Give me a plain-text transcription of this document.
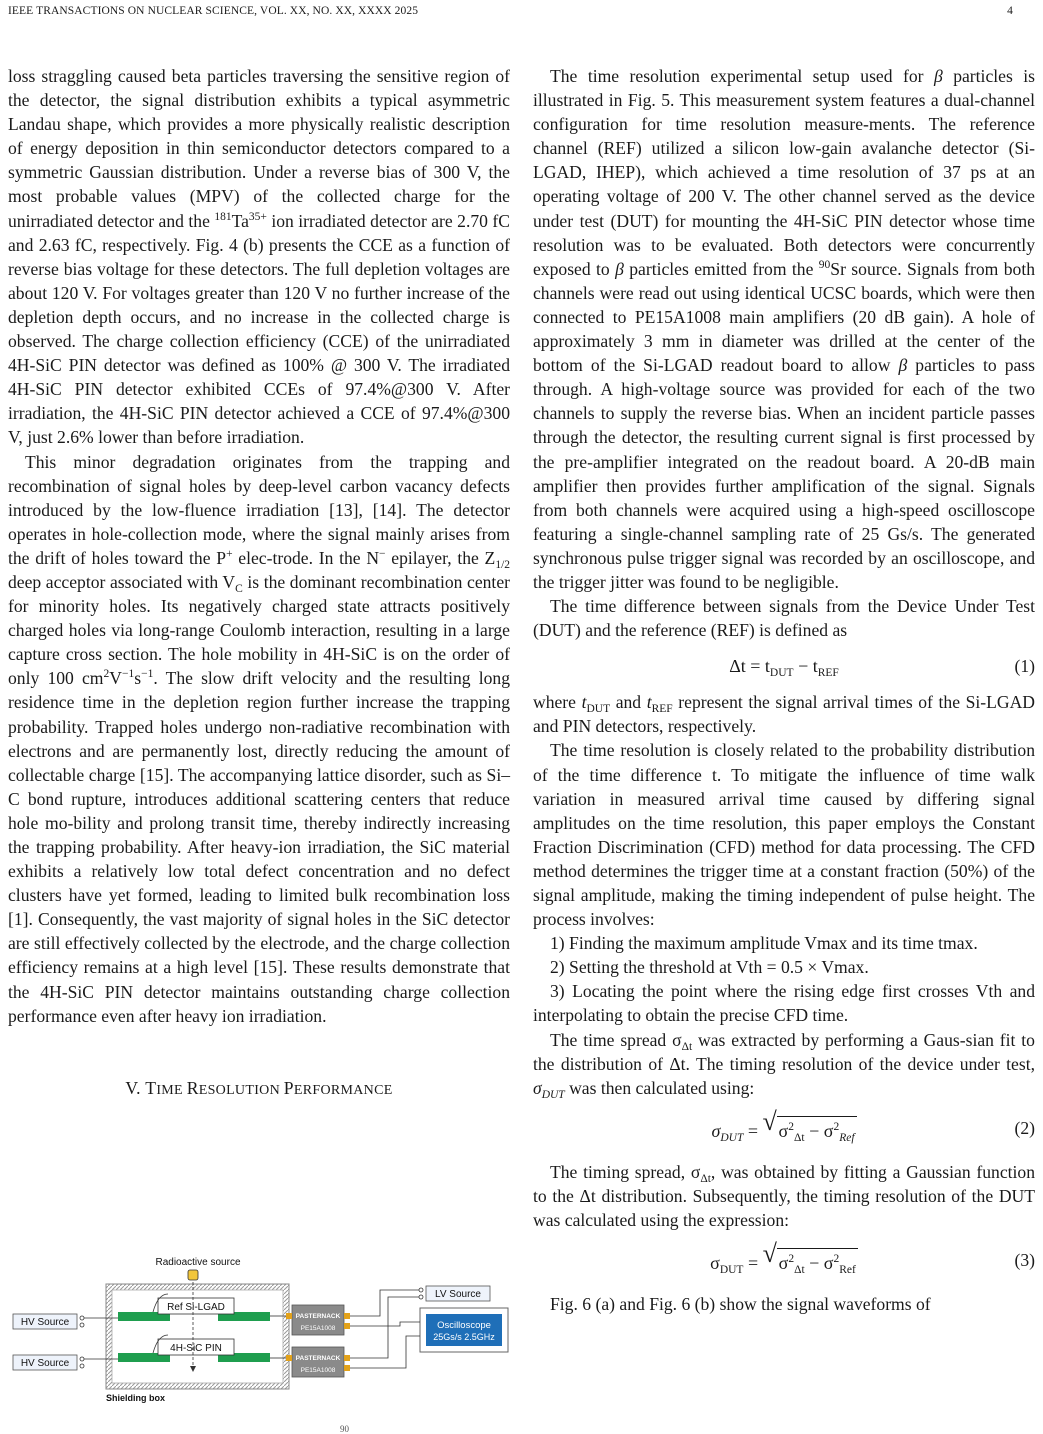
IEEE TRANSACTIONS ON NUCLEAR SCIENCE, VOL. XX, NO. XX, XXXX 2025	4

loss straggling caused beta particles traversing the sensitive region of the detector, the signal distribution exhibits a typical asymmetric Landau shape, which provides a more physically realistic description of energy deposition in thin semiconductor detectors compared to a symmetric Gaussian distribution. Under a reverse bias of 300 V, the most probable values (MPV) of the collected charge for the unirradiated detector and the $^{181}Ta^{35+}$ ion irradiated detector are 2.70 fC and 2.63 fC, respectively. Fig. 4 (b) presents the CCE as a function of reverse bias voltage for these detectors. The full depletion voltages are about 120 V. For voltages greater than 120 V no further increase of the depletion depth occurs, and no increase in the collected charge is observed. The charge collection efficiency (CCE) of the unirradiated 4H-SiC PIN detector was defined as 100% @ 300 V. The irradiated 4H-SiC PIN detector exhibited CCEs of 97.4%@300 V. After irradiation, the 4H-SiC PIN detector achieved a CCE of 97.4%@300 V, just 2.6% lower than before irradiation.

This minor degradation originates from the trapping and recombination of signal holes by deep-level carbon vacancy defects introduced by the low-fluence irradiation [13], [14]. The detector operates in hole-collection mode, where the signal mainly arises from the drift of holes toward the P+ elec-trode. In the N− epilayer, the $Z_{1/2}$ deep acceptor associated with $V_C$ is the dominant recombination center for minority holes. Its negatively charged state attracts positively charged holes via long-range Coulomb interaction, resulting in a large capture cross section. The hole mobility in 4H-SiC is on the order of only 100 $cm^2V^{-1}s^{-1}$. The slow drift velocity and the resulting long residence time in the depletion region further increase the trapping probability. Trapped holes undergo non-radiative recombination with electrons and are permanently lost, directly reducing the amount of collectable charge [15]. The accompanying lattice disorder, such as Si–C bond rupture, introduces additional scattering centers that reduce hole mo-bility and prolong transit time, thereby indirectly increasing the trapping probability. After heavy-ion irradiation, the SiC material exhibits a relatively low total defect concentration and no defect clusters have yet formed, leading to limited bulk recombination loss [1]. Consequently, the vast majority of signal holes in the SiC detector are still effectively collected by the electrode, and the charge collection efficiency remains at a high level [15]. These results demonstrate that the 4H-SiC PIN detector maintains outstanding charge collection performance even after heavy ion irradiation.

V. TIME RESOLUTION PERFORMANCE
Radioactive source
Shielding box
HV Source
HV Source
Ref Si-LGAD
4H-SiC PIN
PASTERNACK
PE15A1008
PASTERNACK
PE15A1008
LV Source
Oscilloscope
25Gs/s 2.5GHz

The time resolution experimental setup used for β particles is illustrated in Fig. 5. This measurement system features a dual-channel configuration for time resolution measure-ments. The reference channel (REF) utilized a silicon low-gain avalanche detector (Si-LGAD, IHEP), which achieved a time resolution of 37 ps at an operating voltage of 200 V. The other channel served as the device under test (DUT) for mounting the 4H-SiC PIN detector whose time resolution was to be evaluated. Both detectors were concurrently exposed to β particles emitted from the $^{90}$Sr source. Signals from both channels were read out using identical UCSC boards, which were then connected to PE15A1008 main amplifiers (20 dB gain). A hole of approximately 3 mm in diameter was drilled at the center of the bottom of the Si-LGAD readout board to allow β particles to pass through. A high-voltage source was provided for each of the two channels to supply the reverse bias. When an incident particle passes through the detector, the resulting current signal is first processed by the pre-amplifier integrated on the readout board. A 20-dB main amplifier then provides further amplification of the signal. Signals from both channels were acquired using a high-speed oscilloscope featuring a single-channel sampling rate of 25 Gs/s. The generated synchronous pulse trigger signal was recorded by an oscilloscope, and the trigger jitter was found to be negligible.

The time difference between signals from the Device Under Test (DUT) and the reference (REF) is defined as

$\Delta t = t_{DUT} - t_{REF}$	(1)

where $t_{DUT}$ and $t_{REF}$ represent the signal arrival times of the Si-LGAD and PIN detectors, respectively.

The time resolution is closely related to the probability distribution of the time difference t. To mitigate the influence of time walk variation in measured arrival time caused by differing signal amplitudes on the time resolution, this paper employs the Constant Fraction Discrimination (CFD) method for data processing. The CFD method determines the trigger time at a constant fraction (50%) of the signal amplitude, making the timing independent of pulse height. The process involves:

1) Finding the maximum amplitude Vmax and its time tmax.

2) Setting the threshold at Vth = 0.5 × Vmax.

3) Locating the point where the rising edge first crosses Vth and interpolating to obtain the precise CFD time.

The time spread $\sigma_{\Delta t}$ was extracted by performing a Gaus-sian fit to the distribution of Δt. The timing resolution of the device under test, $\sigma_{DUT}$ was then calculated using:

$\sigma_{DUT}$ = √ $\sigma^2_{\Delta t} - \sigma^2_{Ref}$	(2)

The timing spread, $\sigma_{\Delta t}$, was obtained by fitting a Gaussian function to the Δt distribution. Subsequently, the timing resolution of the DUT was calculated using the expression:

$\sigma_{DUT}$ = √ $\sigma^2_{\Delta t} - \sigma^2_{Ref}$	(3)

Fig. 6 (a) and Fig. 6 (b) show the signal waveforms of

90
